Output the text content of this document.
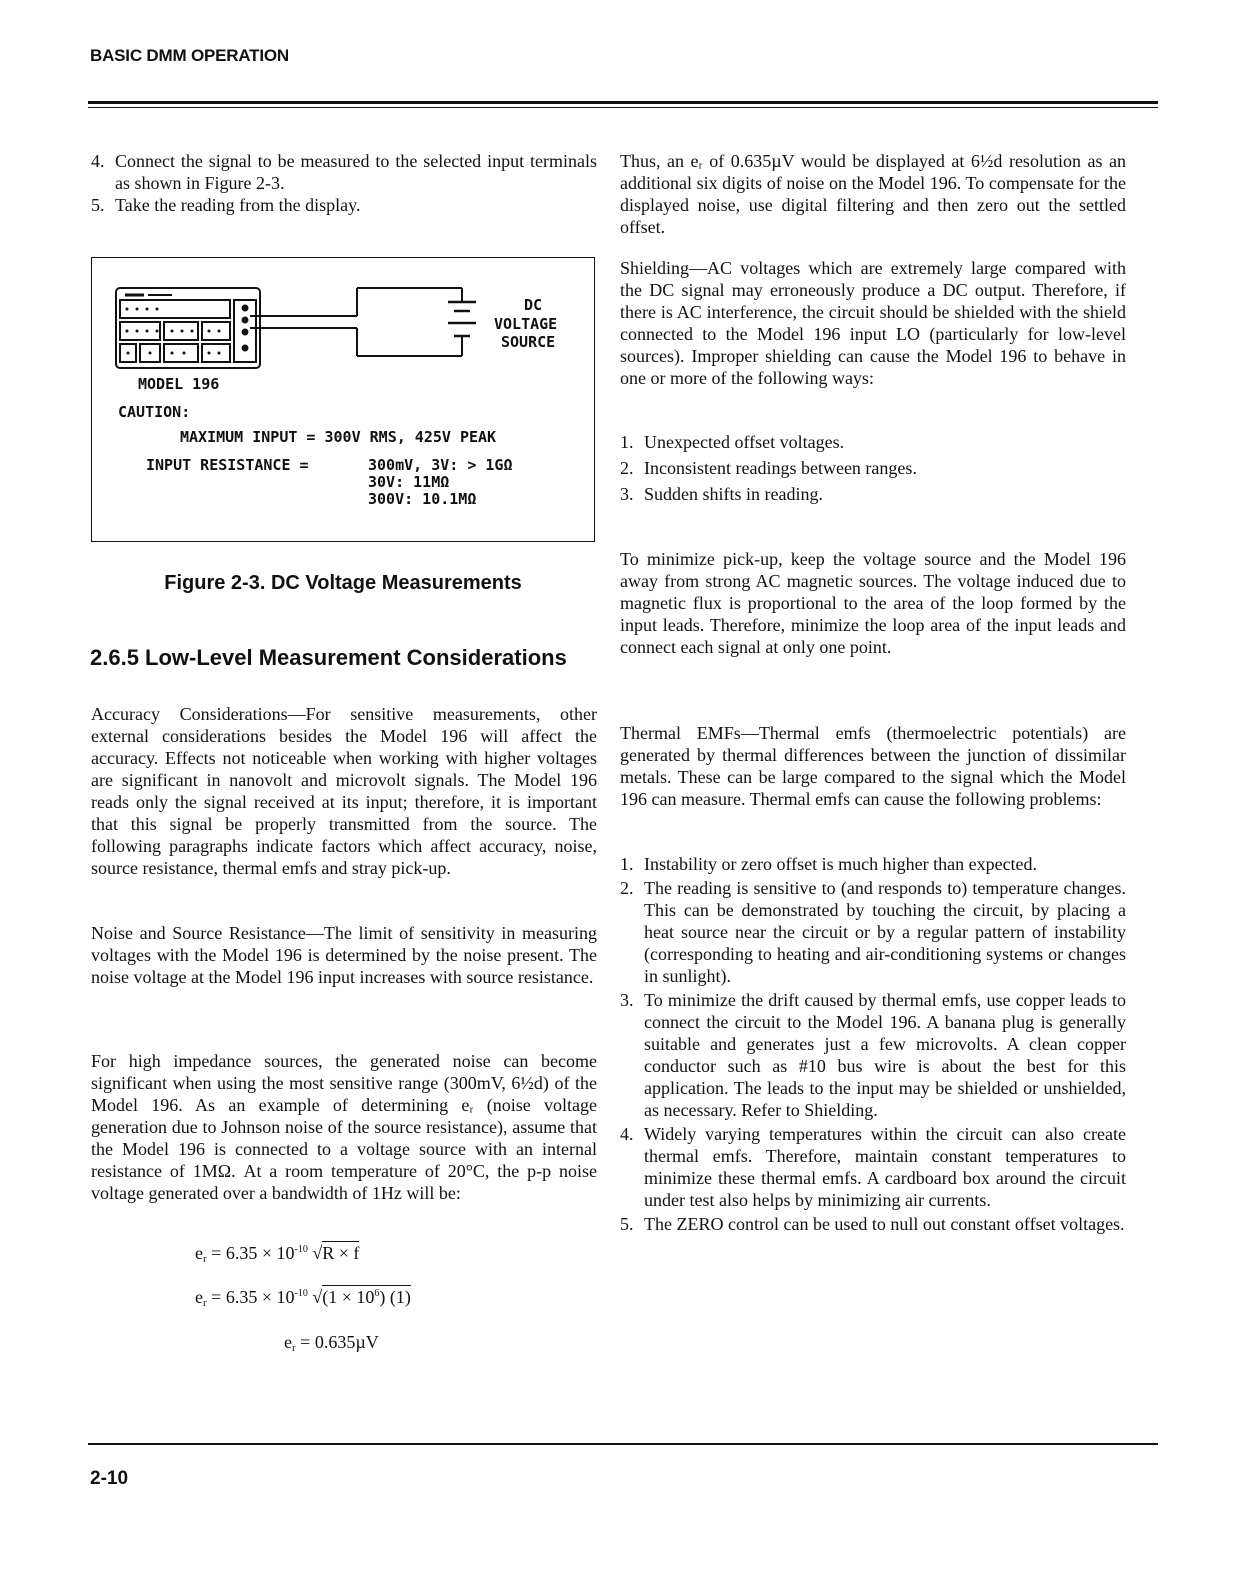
BASIC DMM OPERATION
4. Connect the signal to be measured to the selected input terminals as shown in Figure 2-3.
5. Take the reading from the display.
DC
VOLTAGE
SOURCE
MODEL 196
CAUTION:
MAXIMUM INPUT = 300V RMS, 425V PEAK
INPUT RESISTANCE =	300mV, 3V: > 1GΩ
30V: 11MΩ
300V: 10.1MΩ
Figure 2-3. DC Voltage Measurements
2.6.5 Low-Level Measurement Considerations

Accuracy Considerations—For sensitive measurements, other external considerations besides the Model 196 will affect the accuracy. Effects not noticeable when working with higher voltages are significant in nanovolt and microvolt signals. The Model 196 reads only the signal received at its input; therefore, it is important that this signal be properly transmitted from the source. The following paragraphs indicate factors which affect accuracy, noise, source resistance, thermal emfs and stray pick-up.

Noise and Source Resistance—The limit of sensitivity in measuring voltages with the Model 196 is determined by the noise present. The noise voltage at the Model 196 input increases with source resistance.

For high impedance sources, the generated noise can become significant when using the most sensitive range (300mV, 6½d) of the Model 196. As an example of determining eᵣ (noise voltage generation due to Johnson noise of the source resistance), assume that the Model 196 is connected to a voltage source with an internal resistance of 1MΩ. At a room temperature of 20°C, the p-p noise voltage generated over a bandwidth of 1Hz will be:

$e_r = 6.35 \times 10^{-10}$ √R × f
$e_r = 6.35 \times 10^{-10}$ $√(1 \times 10^6)$ (1)
$e_r = 0.635\mu V$

Thus, an eᵣ of 0.635µV would be displayed at 6½d resolution as an additional six digits of noise on the Model 196. To compensate for the displayed noise, use digital filtering and then zero out the settled offset.

Shielding—AC voltages which are extremely large compared with the DC signal may erroneously produce a DC output. Therefore, if there is AC interference, the circuit should be shielded with the shield connected to the Model 196 input LO (particularly for low-level sources). Improper shielding can cause the Model 196 to behave in one or more of the following ways:

1. Unexpected offset voltages.
2. Inconsistent readings between ranges.
3. Sudden shifts in reading.

To minimize pick-up, keep the voltage source and the Model 196 away from strong AC magnetic sources. The voltage induced due to magnetic flux is proportional to the area of the loop formed by the input leads. Therefore, minimize the loop area of the input leads and connect each signal at only one point.

Thermal EMFs—Thermal emfs (thermoelectric potentials) are generated by thermal differences between the junction of dissimilar metals. These can be large compared to the signal which the Model 196 can measure. Thermal emfs can cause the following problems:

1. Instability or zero offset is much higher than expected.
2. The reading is sensitive to (and responds to) temperature changes. This can be demonstrated by touching the circuit, by placing a heat source near the circuit or by a regular pattern of instability (corresponding to heating and air-conditioning systems or changes in sunlight).
3. To minimize the drift caused by thermal emfs, use copper leads to connect the circuit to the Model 196. A banana plug is generally suitable and generates just a few microvolts. A clean copper conductor such as #10 bus wire is about the best for this application. The leads to the input may be shielded or unshielded, as necessary. Refer to Shielding.
4. Widely varying temperatures within the circuit can also create thermal emfs. Therefore, maintain constant temperatures to minimize these thermal emfs. A cardboard box around the circuit under test also helps by minimizing air currents.
5. The ZERO control can be used to null out constant offset voltages.
2-10
